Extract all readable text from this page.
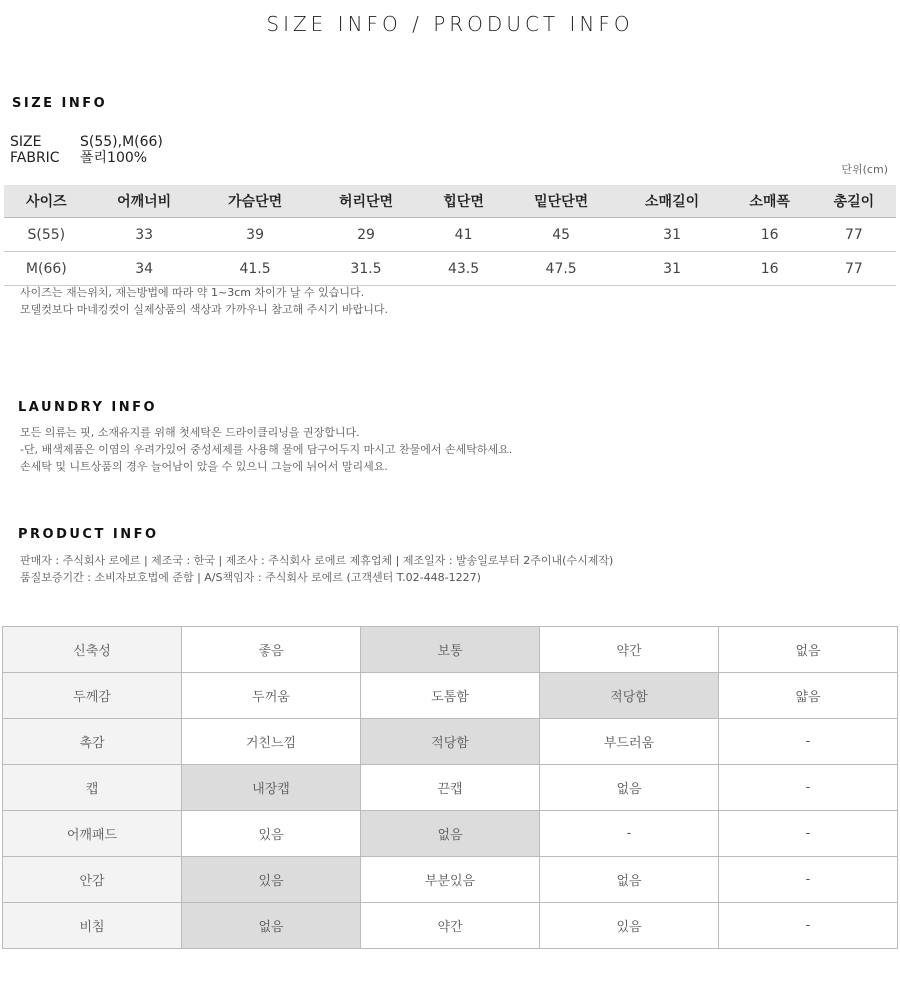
SIZE INFO / PRODUCT INFO
SIZE INFO
SIZE	S(55),M(66)
FABRIC	폴리100%
단위(cm)
사이즈	어깨너비	가슴단면	허리단면	힙단면	밑단단면	소매길이	소매폭	총길이
S(55)	33	39	29	41	45	31	16	77
M(66)	34	41.5	31.5	43.5	47.5	31	16	77
사이즈는 재는위치, 재는방법에 따라 약 1~3cm 차이가 날 수 있습니다.
모델컷보다 마네킹컷이 실제상품의 색상과 가까우니 참고해 주시기 바랍니다.
LAUNDRY INFO
모든 의류는 핏, 소재유지를 위해 첫세탁은 드라이클리닝을 권장합니다.
-단, 배색제품은 이염의 우려가있어 중성세제를 사용해 물에 담구어두지 마시고 찬물에서 손세탁하세요.
손세탁 및 니트상품의 경우 늘어남이 았을 수 있으니 그늘에 뉘어서 말리세요.
PRODUCT INFO
판매자 : 주식회사 로에르 | 제조국 : 한국 | 제조사 : 주식회사 로에르 제휴업체 | 제조일자 : 발송일로부터 2주이내(수시제작)
품질보증기간 : 소비자보호법에 준함 | A/S책임자 : 주식회사 로에르 (고객센터 T.02-448-1227)
신축성	좋음	보통	약간	없음
두께감	두꺼움	도톰함	적당함	얇음
촉감	거친느낌	적당함	부드러움	-
캡	내장캡	끈캡	없음	-
어깨패드	있음	없음	-	-
안감	있음	부분있음	없음	-
비침	없음	약간	있음	-
